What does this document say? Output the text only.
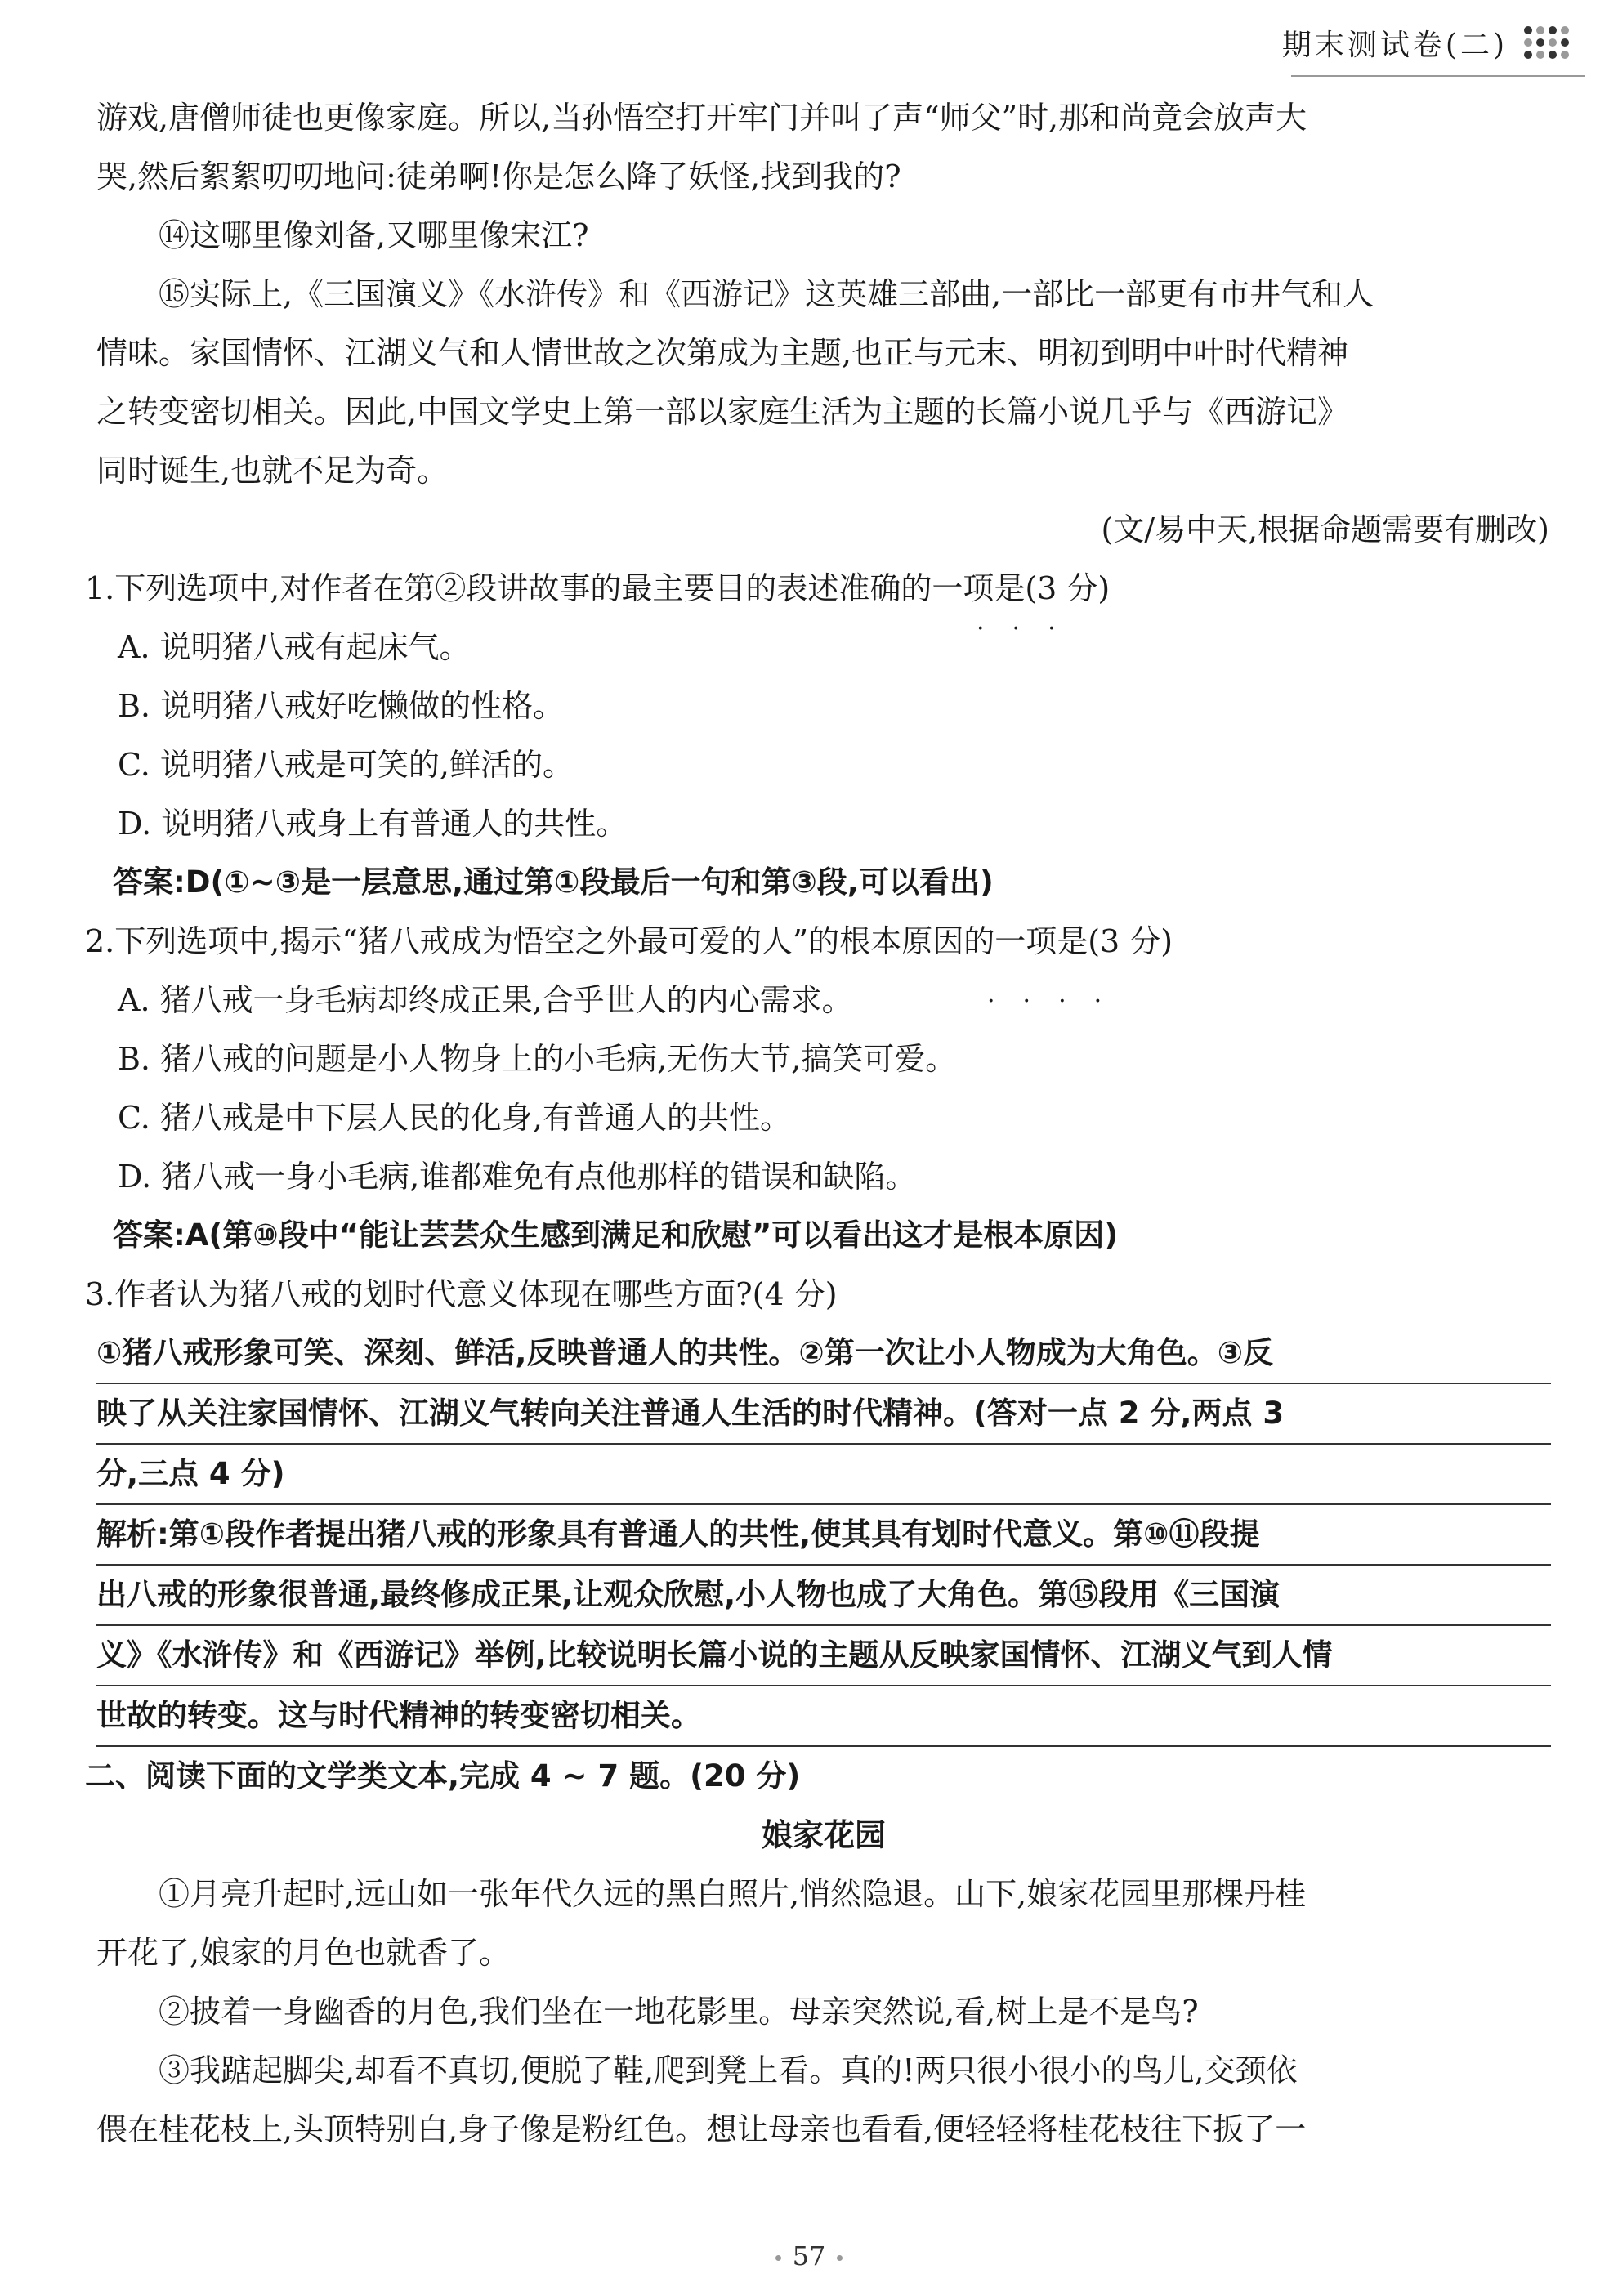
期末测试卷(二)
游戏,唐僧师徒也更像家庭。所以,当孙悟空打开牢门并叫了声“师父”时,那和尚竟会放声大
哭,然后絮絮叨叨地问:徒弟啊!你是怎么降了妖怪,找到我的?
⑭这哪里像刘备,又哪里像宋江?
⑮实际上,《三国演义》《水浒传》和《西游记》这英雄三部曲,一部比一部更有市井气和人
情味。家国情怀、江湖义气和人情世故之次第成为主题,也正与元末、明初到明中叶时代精神
之转变密切相关。因此,中国文学史上第一部以家庭生活为主题的长篇小说几乎与《西游记》
同时诞生,也就不足为奇。
(文/易中天,根据命题需要有删改)
1.下列选项中,对作者在第②段讲故事的最主要目的表述准确的一项是(3 分)
A. 说明猪八戒有起床气。
B. 说明猪八戒好吃懒做的性格。
C. 说明猪八戒是可笑的,鲜活的。
D. 说明猪八戒身上有普通人的共性。
答案:D(①~③是一层意思,通过第①段最后一句和第③段,可以看出)
2.下列选项中,揭示“猪八戒成为悟空之外最可爱的人”的根本原因的一项是(3 分)
A. 猪八戒一身毛病却终成正果,合乎世人的内心需求。
B. 猪八戒的问题是小人物身上的小毛病,无伤大节,搞笑可爱。
C. 猪八戒是中下层人民的化身,有普通人的共性。
D. 猪八戒一身小毛病,谁都难免有点他那样的错误和缺陷。
答案:A(第⑩段中“能让芸芸众生感到满足和欣慰”可以看出这才是根本原因)
3.作者认为猪八戒的划时代意义体现在哪些方面?(4 分)
①猪八戒形象可笑、深刻、鲜活,反映普通人的共性。②第一次让小人物成为大角色。③反
映了从关注家国情怀、江湖义气转向关注普通人生活的时代精神。(答对一点 2 分,两点 3
分,三点 4 分)
解析:第①段作者提出猪八戒的形象具有普通人的共性,使其具有划时代意义。第⑩⑪段提
出八戒的形象很普通,最终修成正果,让观众欣慰,小人物也成了大角色。第⑮段用《三国演
义》《水浒传》和《西游记》举例,比较说明长篇小说的主题从反映家国情怀、江湖义气到人情
世故的转变。这与时代精神的转变密切相关。
二、阅读下面的文学类文本,完成 4 ~ 7 题。(20 分)
娘家花园
①月亮升起时,远山如一张年代久远的黑白照片,悄然隐退。山下,娘家花园里那棵丹桂
开花了,娘家的月色也就香了。
②披着一身幽香的月色,我们坐在一地花影里。母亲突然说,看,树上是不是鸟?
③我踮起脚尖,却看不真切,便脱了鞋,爬到凳上看。真的!两只很小很小的鸟儿,交颈依
偎在桂花枝上,头顶特别白,身子像是粉红色。想让母亲也看看,便轻轻将桂花枝往下扳了一
···
····
57
